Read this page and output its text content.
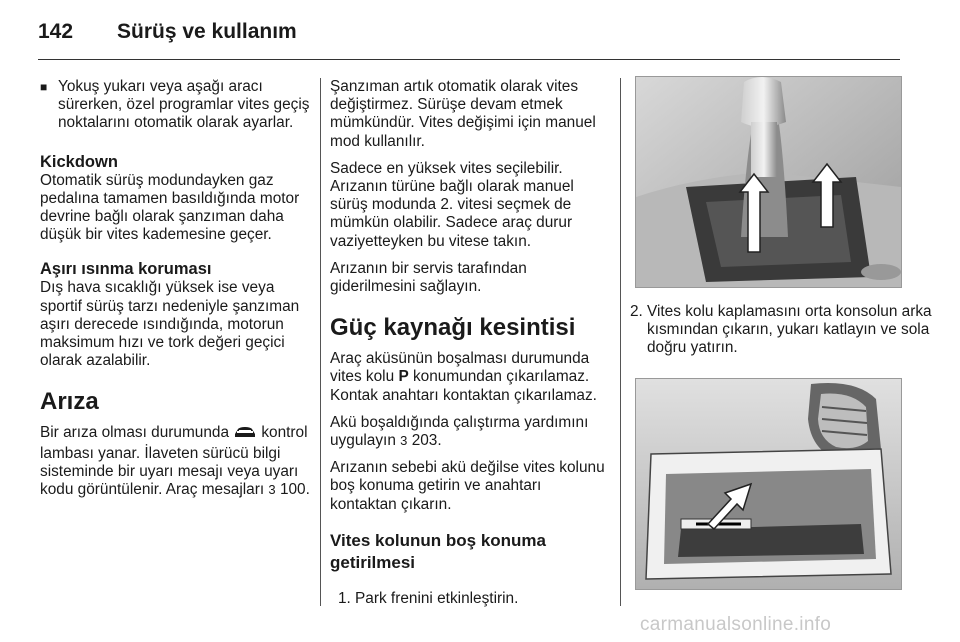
142 Sürüş ve kullanım
■ Yokuş yukarı veya aşağı aracı sürerken, özel programlar vites geçiş noktalarını otomatik olarak ayarlar.
Kickdown

Otomatik sürüş modundayken gaz pedalına tamamen basıldığında motor devrine bağlı olarak şanzıman daha düşük bir vites kademesine geçer.

Aşırı ısınma koruması

Dış hava sıcaklığı yüksek ise veya sportif sürüş tarzı nedeniyle şanzıman aşırı derecede ısındığında, motorun maksimum hızı ve tork değeri geçici olarak azalabilir.

Arıza

Bir arıza olması durumunda kontrol lambası yanar. İlaveten sürücü bilgi sisteminde bir uyarı mesajı veya uyarı kodu görüntülenir. Araç mesajları 3 100.

Şanzıman artık otomatik olarak vites değiştirmez. Sürüşe devam etmek mümkündür. Vites değişimi için manuel mod kullanılır.

Sadece en yüksek vites seçilebilir. Arızanın türüne bağlı olarak manuel sürüş modunda 2. vitesi seçmek de mümkün olabilir. Sadece araç durur vaziyetteyken bu vitese takın.

Arızanın bir servis tarafından giderilmesini sağlayın.

Güç kaynağı kesintisi

Araç aküsünün boşalması durumunda vites kolu P konumundan çıkarılamaz. Kontak anahtarı kontaktan çıkarılamaz.

Akü boşaldığında çalıştırma yardımını uygulayın 3 203.

Arızanın sebebi akü değilse vites kolunu boş konuma getirin ve anahtarı kontaktan çıkarın.

Vites kolunun boş konuma getirilmesi
1. Park frenini etkinleştirin.
2. Vites kolu kaplamasını orta konsolun arka kısmından çıkarın, yukarı katlayın ve sola doğru yatırın.
carmanualsonline.info
